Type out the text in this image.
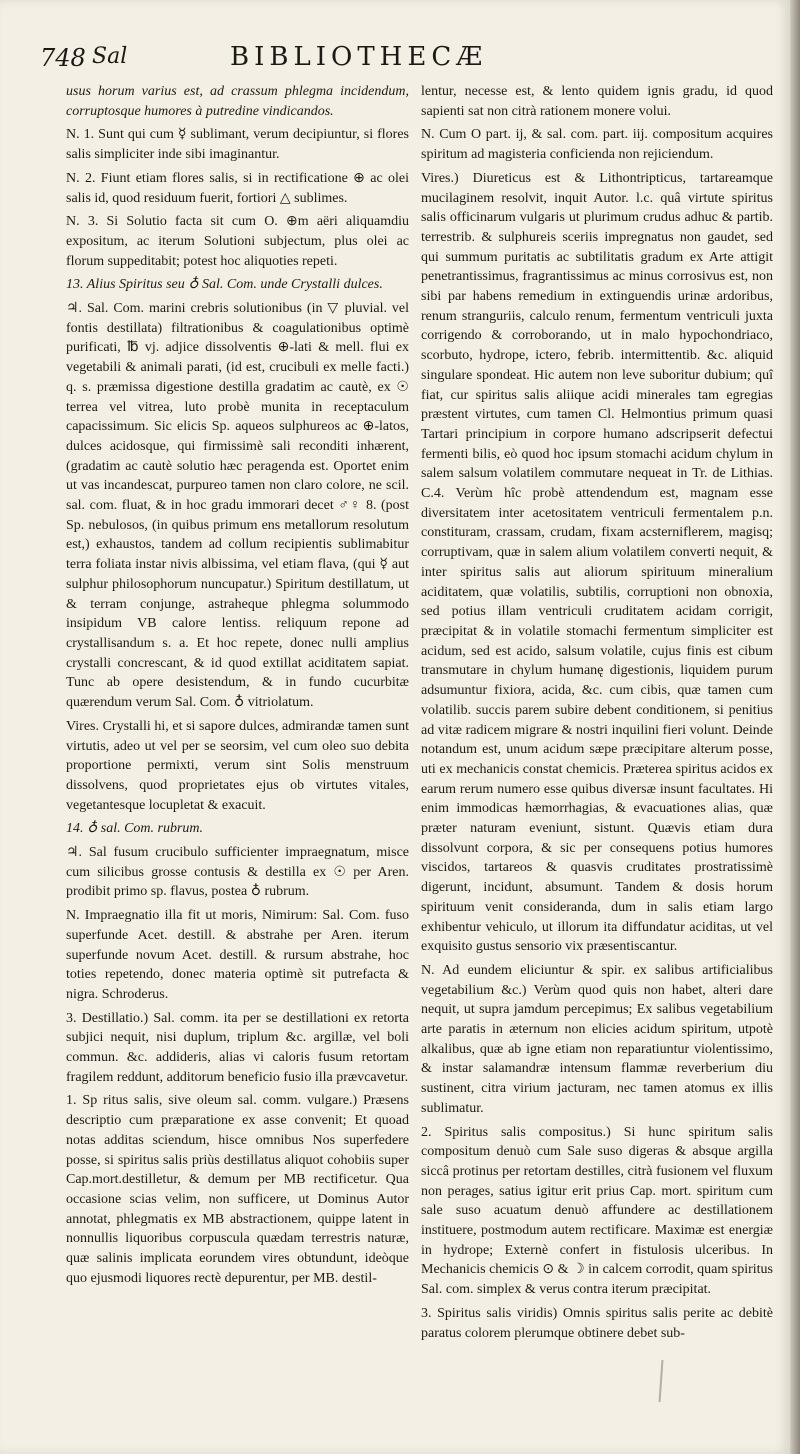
748 Sal	BIBLIOTHECÆ

usus horum varius est, ad crassum phlegma incidendum, corruptosque humores à putredine vindicandos.

N. 1. Sunt qui cum ☿ sublimant, verum decipiuntur, si flores salis simpliciter inde sibi imaginantur.

N. 2. Fiunt etiam flores salis, si in rectificatione ⊕ ac olei salis id, quod residuum fuerit, fortiori △ sublimes.

N. 3. Si Solutio facta sit cum O. ⊕m aëri aliquamdiu expositum, ac iterum Solutioni subjectum, plus olei ac florum suppeditabit; potest hoc aliquoties repeti.

13. Alius Spiritus seu ♁ Sal. Com. unde Crystalli dulces.

♃. Sal. Com. marini crebris solutionibus (in ▽ pluvial. vel fontis destillata) filtrationibus & coagulationibus optimè purificati, ℔ vj. adjice dissolventis ⊕-lati & mell. flui ex vegetabili & animali parati, (id est, crucibuli ex melle facti.) q. s. præmissa digestione destilla gradatim ac cautè, ex ☉ terrea vel vitrea, luto probè munita in receptaculum capacissimum. Sic elicis Sp. aqueos sulphureos ac ⊕-latos, dulces acidosque, qui firmissimè sali reconditi inhærent, (gradatim ac cautè solutio hæc peragenda est. Oportet enim ut vas incandescat, purpureo tamen non claro colore, ne scil. sal. com. fluat, & in hoc gradu immorari decet ♂♀ 8. (post Sp. nebulosos, (in quibus primum ens metallorum resolutum est,) exhaustos, tandem ad collum recipientis sublimabitur terra foliata instar nivis albissima, vel etiam flava, (qui ☿ aut sulphur philosophorum nuncupatur.) Spiritum destillatum, ut & terram conjunge, astraheque phlegma solummodo insipidum VB calore lentiss. reliquum repone ad crystallisandum s. a. Et hoc repete, donec nulli amplius crystalli concrescant, & id quod extillat aciditatem sapiat. Tunc ab opere desistendum, & in fundo cucurbitæ quærendum verum Sal. Com. ♁ vitriolatum.

Vires. Crystalli hi, et si sapore dulces, admirandæ tamen sunt virtutis, adeo ut vel per se seorsim, vel cum oleo suo debita proportione permixti, verum sint Solis menstruum dissolvens, quod proprietates ejus ob virtutes vitales, vegetantesque locupletat & exacuit.

14. ♁ sal. Com. rubrum.

♃. Sal fusum crucibulo sufficienter impraegnatum, misce cum silicibus grosse contusis & destilla ex ☉ per Aren. prodibit primo sp. flavus, postea ♁ rubrum.

N. Impraegnatio illa fit ut moris, Nimirum: Sal. Com. fuso superfunde Acet. destill. & abstrahe per Aren. iterum superfunde novum Acet. destill. & rursum abstrahe, hoc toties repetendo, donec materia optimè sit putrefacta & nigra. Schroderus.

3. Destillatio.) Sal. comm. ita per se destillationi ex retorta subjici nequit, nisi duplum, triplum &c. argillæ, vel boli commun. &c. addideris, alias vi caloris fusum retortam fragilem reddunt, additorum beneficio fusio illa prævcavetur.

1. Sp ritus salis, sive oleum sal. comm. vulgare.) Præsens descriptio cum præparatione ex asse convenit; Et quoad notas additas sciendum, hisce omnibus Nos superfedere posse, si spiritus salis priùs destillatus aliquot cohobiis super Cap.mort.destilletur, & demum per MB rectificetur. Qua occasione scias velim, non sufficere, ut Dominus Autor annotat, phlegmatis ex MB abstractionem, quippe latent in nonnullis liquoribus corpuscula quædam terrestris naturæ, quæ salinis implicata eorundem vires obtundunt, ideòque quo ejusmodi liquores rectè depurentur, per MB. destil-

lentur, necesse est, & lento quidem ignis gradu, id quod sapienti sat non citrà rationem monere volui.

N. Cum O part. ij, & sal. com. part. iij. compositum acquires spiritum ad magisteria conficienda non rejiciendum.

Vires.) Diureticus est & Lithontripticus, tartareamque mucilaginem resolvit, inquit Autor. l.c. quâ virtute spiritus salis officinarum vulgaris ut plurimum crudus adhuc & partib. terrestrib. & sulphureis sceriis impregnatus non gaudet, sed qui summum puritatis ac subtilitatis gradum ex Arte attigit penetrantissimus, fragrantissimus ac minus corrosivus est, non sibi par habens remedium in extinguendis urinæ ardoribus, renum stranguriis, calculo renum, fermentum ventriculi juxta corrigendo & corroborando, ut in malo hypochondriaco, scorbuto, hydrope, ictero, febrib. intermittentib. &c. aliquid singulare spondeat. Hic autem non leve suboritur dubium; quî fiat, cur spiritus salis aliique acidi minerales tam egregias præstent virtutes, cum tamen Cl. Helmontius primum quasi Tartari principium in corpore humano adscripserit defectui fermenti bilis, eò quod hoc ipsum stomachi acidum chylum in salem salsum volatilem commutare nequeat in Tr. de Lithias. C.4. Verùm hîc probè attendendum est, magnam esse diversitatem inter acetositatem ventriculi fermentalem p.n. constituram, crassam, crudam, fixam acsterniflerem, magisq; corruptivam, quæ in salem alium volatilem converti nequit, & inter spiritus salis aut aliorum spirituum mineralium aciditatem, quæ volatilis, subtilis, corruptioni non obnoxia, sed potius illam ventriculi cruditatem acidam corrigit, præcipitat & in volatile stomachi fermentum simpliciter est acidum, sed est acido, salsum volatile, cujus finis est cibum transmutare in chylum humanę digestionis, liquidem purum adsumuntur fixiora, acida, &c. cum cibis, quæ tamen cum volatilib. succis parem subire debent conditionem, si penitius ad vitæ radicem migrare & nostri inquilini fieri volunt. Deinde notandum est, unum acidum sæpe præcipitare alterum posse, uti ex mechanicis constat chemicis. Præterea spiritus acidos ex earum rerum numero esse quibus diversæ insunt facultates. Hi enim immodicas hæmorrhagias, & evacuationes alias, quæ præter naturam eveniunt, sistunt. Quævis etiam dura dissolvunt corpora, & sic per consequens potius humores viscidos, tartareos & quasvis cruditates prostratissimè digerunt, incidunt, absumunt. Tandem & dosis horum spirituum venit consideranda, dum in salis etiam largo exhibentur vehiculo, ut illorum ita diffundatur aciditas, ut vel exquisito gustus sensorio vix præsentiscantur.

N. Ad eundem eliciuntur & spir. ex salibus artificialibus vegetabilium &c.) Verùm quod quis non habet, alteri dare nequit, ut supra jamdum percepimus; Ex salibus vegetabilium arte paratis in æternum non elicies acidum spiritum, utpotè alkalibus, quæ ab igne etiam non reparatiuntur violentissimo, & instar salamandræ intensum flammæ reverberium diu sustinent, citra virium jacturam, nec tamen atomus ex illis sublimatur.

2. Spiritus salis compositus.) Si hunc spiritum salis compositum denuò cum Sale suso digeras & absque argilla siccâ protinus per retortam destilles, citrà fusionem vel fluxum non perages, satius igitur erit prius Cap. mort. spiritum cum sale suso acuatum denuò affundere ac destillationem instituere, postmodum autem rectificare. Maximæ est energiæ in hydrope; Externè confert in fistulosis ulceribus. In Mechanicis chemicis ⊙ & ☽ in calcem corrodit, quam spiritus Sal. com. simplex & verus contra iterum præcipitat.

3. Spiritus salis viridis) Omnis spiritus salis perite ac debitè paratus colorem plerumque obtinere debet sub-
